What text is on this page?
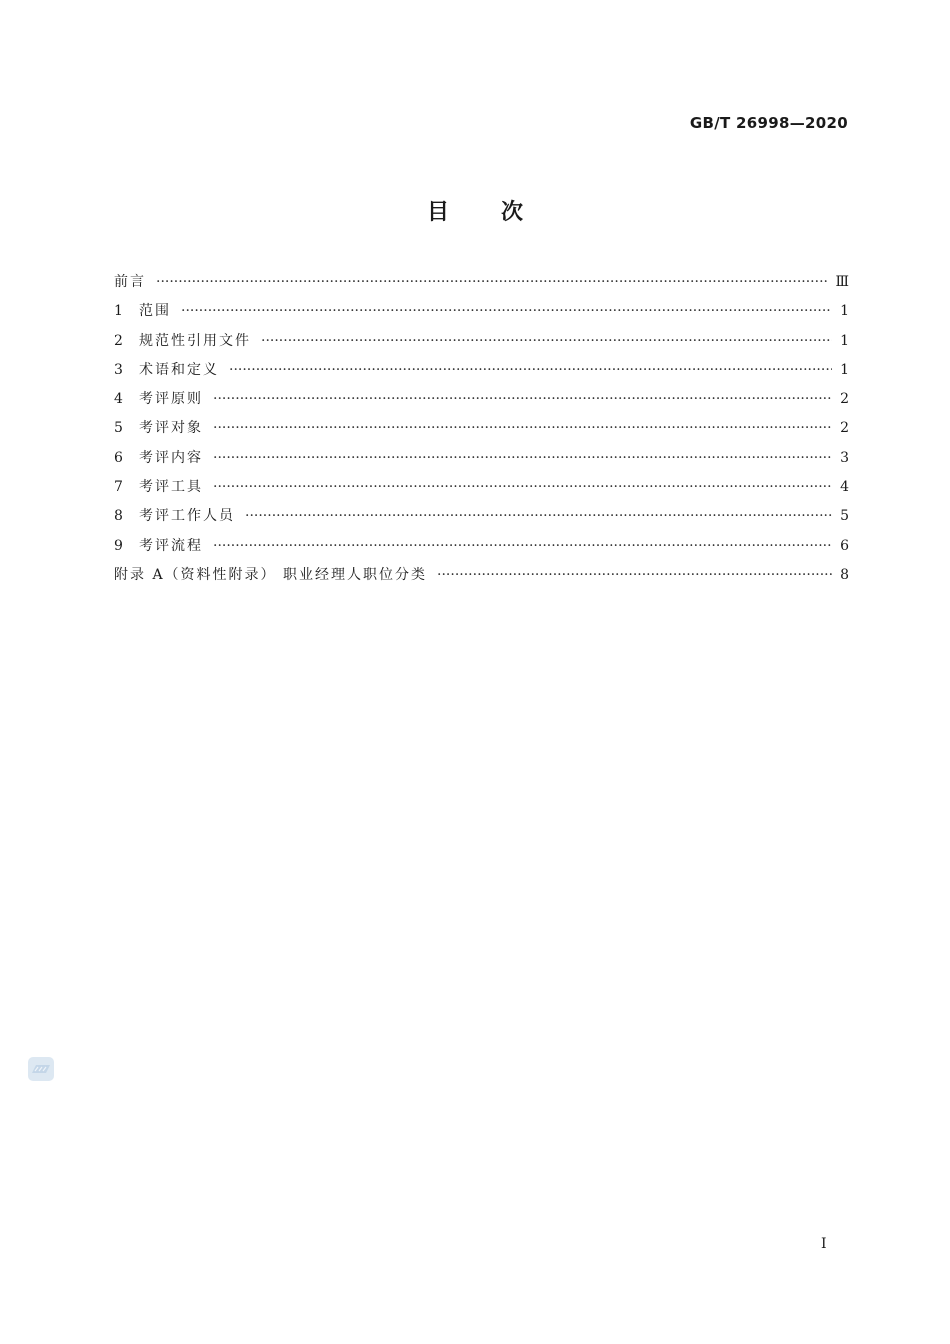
GB/T 26998—2020
目次
前言 ·····	Ⅲ
1	范围 ·····	1
2	规范性引用文件 ·····	1
3	术语和定义 ·····	1
4	考评原则 ·····	2
5	考评对象 ·····	2
6	考评内容 ·····	3
7	考评工具 ·····	4
8	考评工作人员 ·····	5
9	考评流程 ·····	6
附录 A（资料性附录） 职业经理人职位分类 ·····	8
I
